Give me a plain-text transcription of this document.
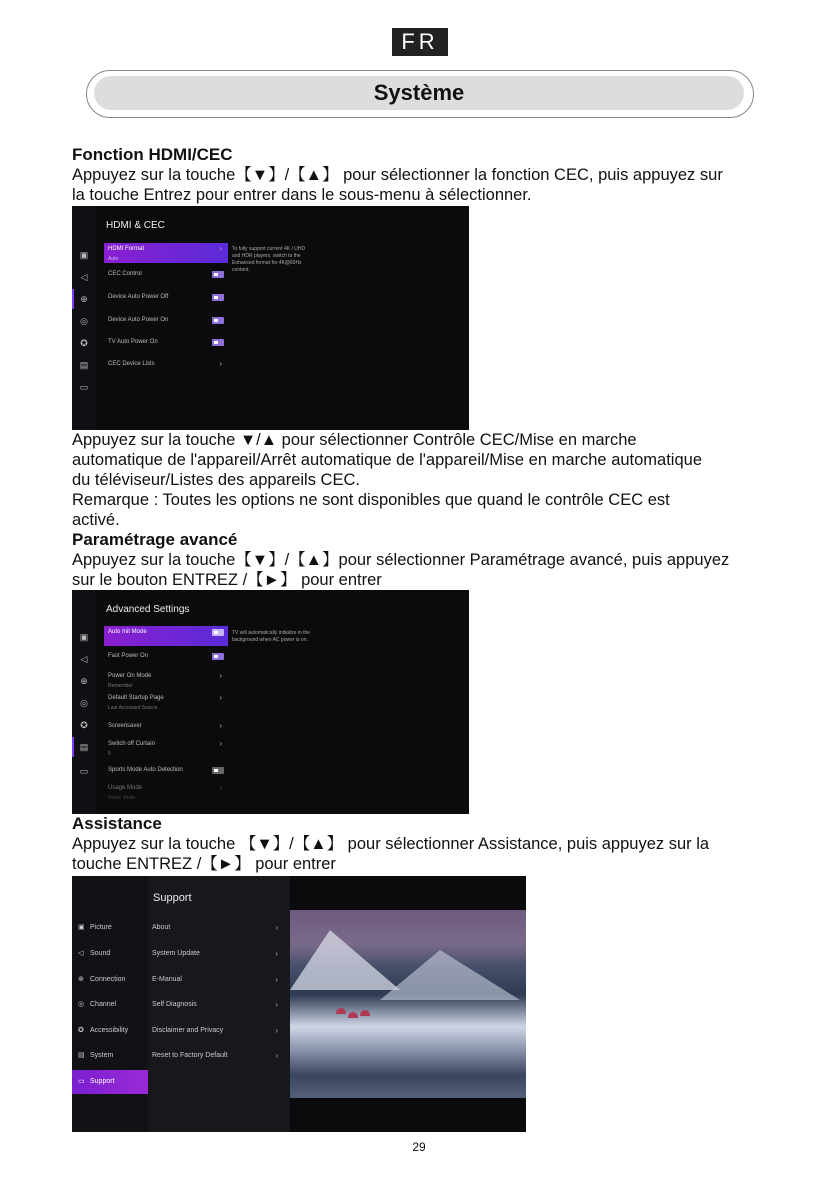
FR
Système
Fonction HDMI/CEC
Appuyez sur la touche【▼】/【▲】 pour sélectionner la fonction CEC, puis appuyez sur
la touche Entrez pour entrer dans le sous-menu à sélectionner.
▣
◁
⊕
◎
✪
▤
▭
HDMI & CEC
HDMI Format
Auto
›
CEC Control
Device Auto Power Off
Device Auto Power On
TV Auto Power On
CEC Device Lists	›
To fully support current 4K / UHD and HDR players, switch to the Enhanced format for 4K@60Hz content.
Appuyez sur la touche ▼/▲ pour sélectionner Contrôle CEC/Mise en marche
automatique de l'appareil/Arrêt automatique de l'appareil/Mise en marche automatique
du téléviseur/Listes des appareils CEC.
Remarque : Toutes les options ne sont disponibles que quand le contrôle CEC est
activé.
Paramétrage avancé
Appuyez sur la touche【▼】/【▲】pour sélectionner Paramétrage avancé, puis appuyez
sur le bouton ENTREZ /【►】 pour entrer
▣
◁
⊕
◎
✪
▤
▭
Advanced Settings
Auto Init Mode
Fast Power On
Power On Mode
Remember
›
Default Startup Page
Last Accessed Source
›
Screensaver	›
Switch off Curtain
5
›
Sports Mode Auto Detection
Usage Mode
Home Mode
›
TV will automatically initialize in the background when AC power is on.
Assistance
Appuyez sur la touche 【▼】/【▲】 pour sélectionner Assistance, puis appuyez sur la
touche ENTREZ /【►】 pour entrer
▣ Picture
◁ Sound
⊕ Connection
◎ Channel
✪ Accessibility
▤ System
▭ Support
Support
About	›
System Update	›
E-Manual	›
Self Diagnosis	›
Disclaimer and Privacy	›
Reset to Factory Default	›
29
